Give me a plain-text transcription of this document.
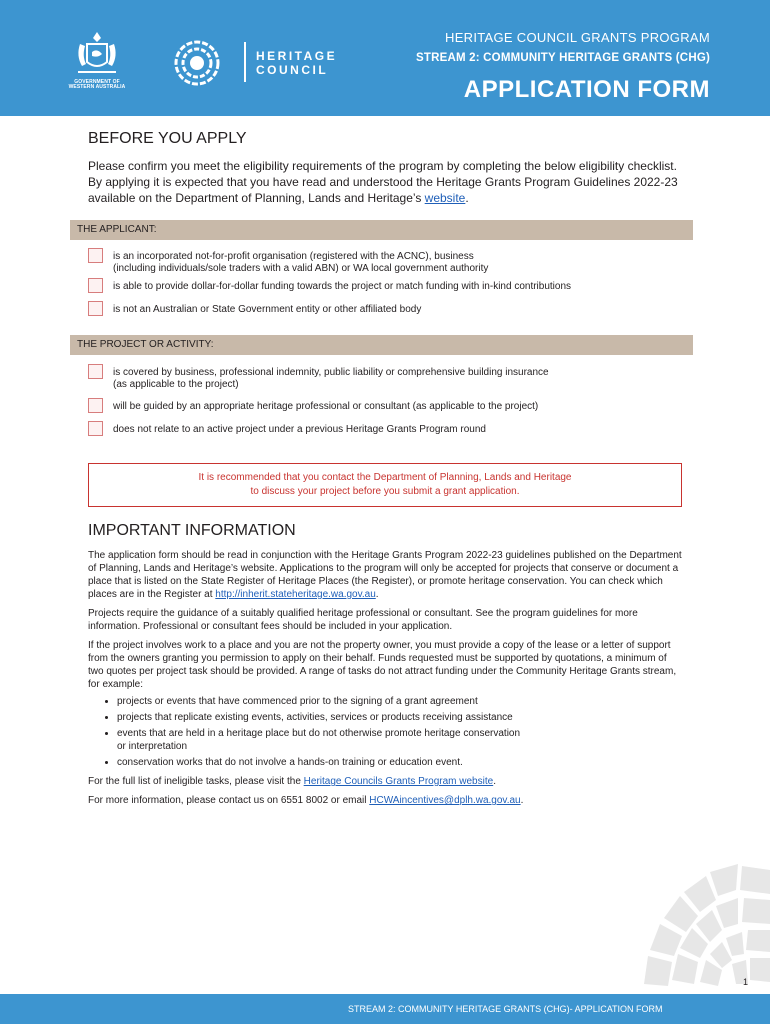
GOVERNMENT OF
WESTERN AUSTRALIA
HERITAGE
COUNCIL
HERITAGE COUNCIL GRANTS PROGRAM
STREAM 2: COMMUNITY HERITAGE GRANTS (CHG)
APPLICATION FORM
BEFORE YOU APPLY

Please confirm you meet the eligibility requirements of the program by completing the below eligibility checklist. By applying it is expected that you have read and understood the Heritage Grants Program Guidelines 2022-23 available on the Department of Planning, Lands and Heritage’s website.

THE APPLICANT:
is an incorporated not-for-profit organisation (registered with the ACNC), business
(including individuals/sole traders with a valid ABN) or WA local government authority
is able to provide dollar-for-dollar funding towards the project or match funding with in-kind contributions
is not an Australian or State Government entity or other affiliated body
THE PROJECT OR ACTIVITY:
is covered by business, professional indemnity, public liability or comprehensive building insurance
(as applicable to the project)
will be guided by an appropriate heritage professional or consultant (as applicable to the project)
does not relate to an active project under a previous Heritage Grants Program round
It is recommended that you contact the Department of Planning, Lands and Heritage
to discuss your project before you submit a grant application.
IMPORTANT INFORMATION

The application form should be read in conjunction with the Heritage Grants Program 2022-23 guidelines published on the Department of Planning, Lands and Heritage’s website. Applications to the program will only be accepted for projects that conserve or document a place that is listed on the State Register of Heritage Places (the Register), or promote heritage conservation. You can check which places are in the Register at http://inherit.stateheritage.wa.gov.au.

Projects require the guidance of a suitably qualified heritage professional or consultant. See the program guidelines for more information. Professional or consultant fees should be included in your application.

If the project involves work to a place and you are not the property owner, you must provide a copy of the lease or a letter of support from the owners granting you permission to apply on their behalf. Funds requested must be supported by quotations, a minimum of two quotes per project task should be provided. A range of tasks do not attract funding under the Community Heritage Grants stream,
for example:

• projects or events that have commenced prior to the signing of a grant agreement
• projects that replicate existing events, activities, services or products receiving assistance
• events that are held in a heritage place but do not otherwise promote heritage conservation
or interpretation
• conservation works that do not involve a hands-on training or education event.

For the full list of ineligible tasks, please visit the Heritage Councils Grants Program website.

For more information, please contact us on 6551 8002 or email HCWAincentives@dplh.wa.gov.au.

1
STREAM 2: COMMUNITY HERITAGE GRANTS (CHG)- APPLICATION FORM
